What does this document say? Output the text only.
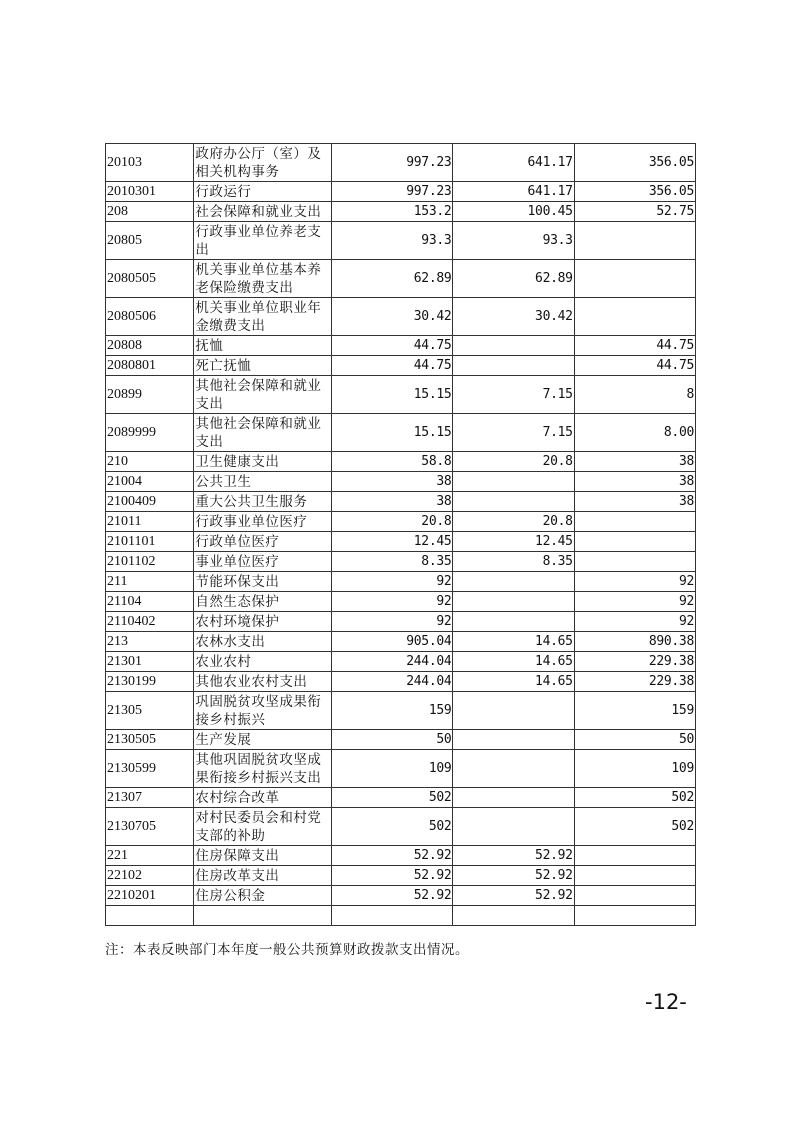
20103	政府办公厅（室）及相关机构事务	997.23	641.17	356.05
2010301	行政运行	997.23	641.17	356.05
208	社会保障和就业支出	153.2	100.45	52.75
20805	行政事业单位养老支出	93.3	93.3	
2080505	机关事业单位基本养老保险缴费支出	62.89	62.89	
2080506	机关事业单位职业年金缴费支出	30.42	30.42	
20808	抚恤	44.75		44.75
2080801	死亡抚恤	44.75		44.75
20899	其他社会保障和就业支出	15.15	7.15	8
2089999	其他社会保障和就业支出	15.15	7.15	8.00
210	卫生健康支出	58.8	20.8	38
21004	公共卫生	38		38
2100409	重大公共卫生服务	38		38
21011	行政事业单位医疗	20.8	20.8	
2101101	行政单位医疗	12.45	12.45	
2101102	事业单位医疗	8.35	8.35	
211	节能环保支出	92		92
21104	自然生态保护	92		92
2110402	农村环境保护	92		92
213	农林水支出	905.04	14.65	890.38
21301	农业农村	244.04	14.65	229.38
2130199	其他农业农村支出	244.04	14.65	229.38
21305	巩固脱贫攻坚成果衔接乡村振兴	159		159
2130505	生产发展	50		50
2130599	其他巩固脱贫攻坚成果衔接乡村振兴支出	109		109
21307	农村综合改革	502		502
2130705	对村民委员会和村党支部的补助	502		502
221	住房保障支出	52.92	52.92	
22102	住房改革支出	52.92	52.92	
2210201	住房公积金	52.92	52.92	

注：本表反映部门本年度一般公共预算财政拨款支出情况。
-12-
